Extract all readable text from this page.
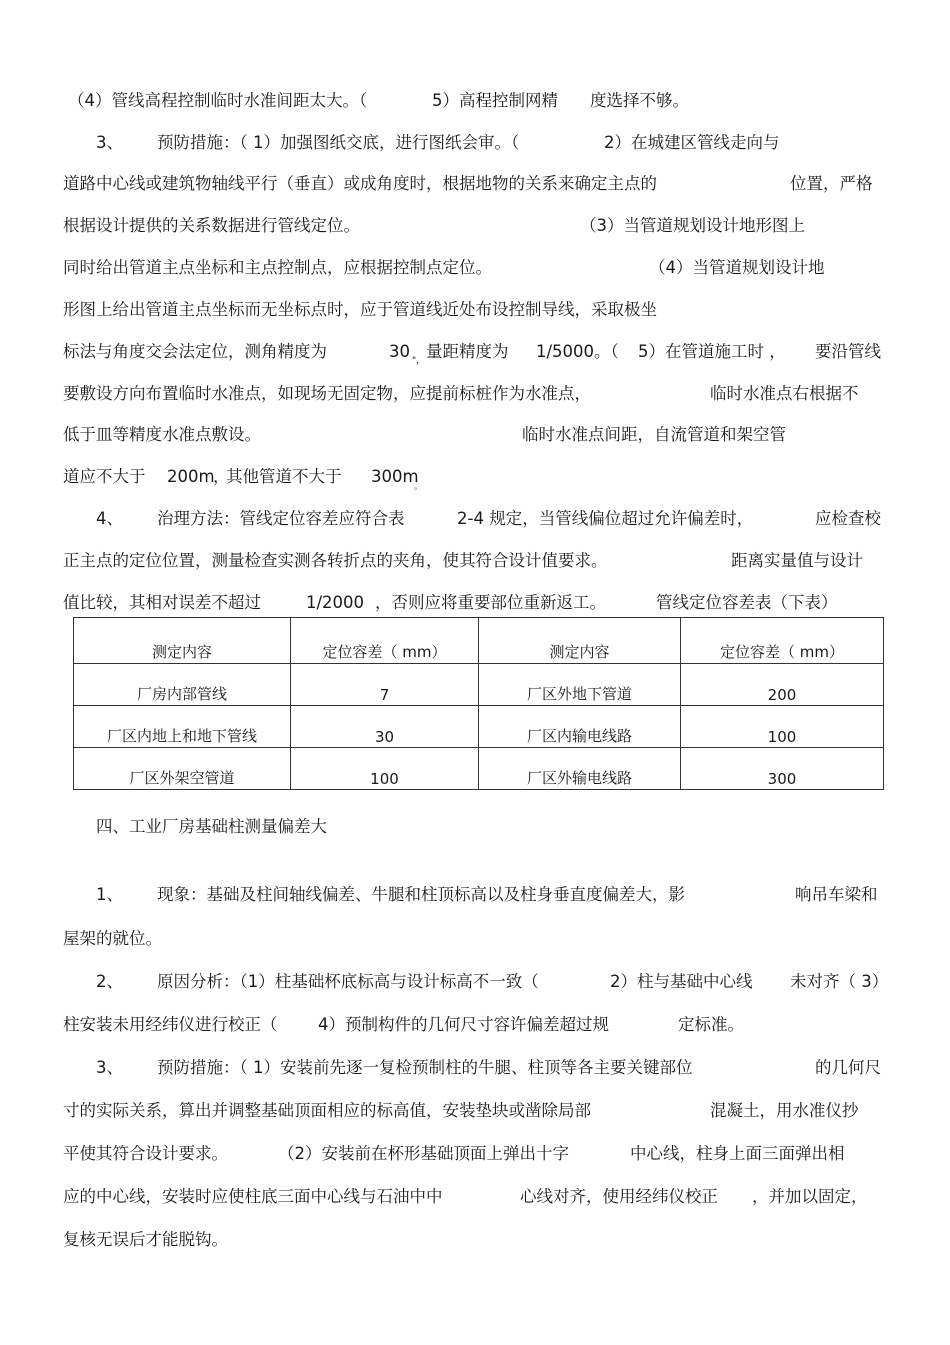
（4）管线高程控制临时水准间距太大。（

	5）高程控制网精

度选择不够。

3、

预防措施：（ 1）加强图纸交底，进行图纸会审。（

	2）在城建区管线走向与

道路中心线或建筑物轴线平行（垂直）或成角度时，根据地物的关系来确定主点的

	位置，严格

根据设计提供的关系数据进行管线定位。

	（3）当管道规划设计地形图上

同时给出管道主点坐标和主点控制点，应根据控制点定位。

	（4）当管道规划设计地

形图上给出管道主点坐标而无坐标点时，应于管道线近处布设控制导线，采取极坐

标法与角度交会法定位，测角精度为

	30

"，

量距精度为

1/5000

。（

5）在管道施工时 ，

要沿管线

要敷设方向布置临时水准点，如现场无固定物，应提前标桩作为水准点，

	临时水准点右根据不

低于皿等精度水准点敷设。

	临时水准点间距，自流管道和架空管

道应不大于

200m

，

其他管道不大于

300m

。

4、

治理方法：管线定位容差应符合表

	2-4 规定，当管线偏位超过允许偏差时，

	应检查校

正主点的定位位置，测量检查实测各转折点的夹角，使其符合设计值要求。

	距离实量值与设计

值比较，其相对误差不超过

	1/2000

，否则应将重要部位重新返工。

	管线定位容差表（下表）

测定内容	定位容差（ mm）	测定内容	定位容差（ mm）
厂房内部管线	7	厂区外地下管道	200
厂区内地上和地下管线	30	厂区内输电线路	100
厂区外架空管道	100	厂区外输电线路	300

四、工业厂房基础柱测量偏差大

1、

现象：基础及柱间轴线偏差、牛腿和柱顶标高以及柱身垂直度偏差大，影

	响吊车梁和

屋架的就位。

2、

原因分析：（1）柱基础杯底标高与设计标高不一致（

	2）柱与基础中心线

未对齐（ 3）

柱安装未用经纬仪进行校正（

4）预制构件的几何尺寸容许偏差超过规

	定标准。

3、

预防措施：（ 1）安装前先逐一复检预制柱的牛腿、柱顶等各主要关键部位

	的几何尺

寸的实际关系，算出并调整基础顶面相应的标高值，安装垫块或凿除局部

	混凝土，用水准仪抄

平使其符合设计要求。

	（2）安装前在杯形基础顶面上弹出十字

	中心线，柱身上面三面弹出相

应的中心线，安装时应使柱底三面中心线与石油中中

	心线对齐，使用经纬仪校正

，并加以固定，

复核无误后才能脱钩。
